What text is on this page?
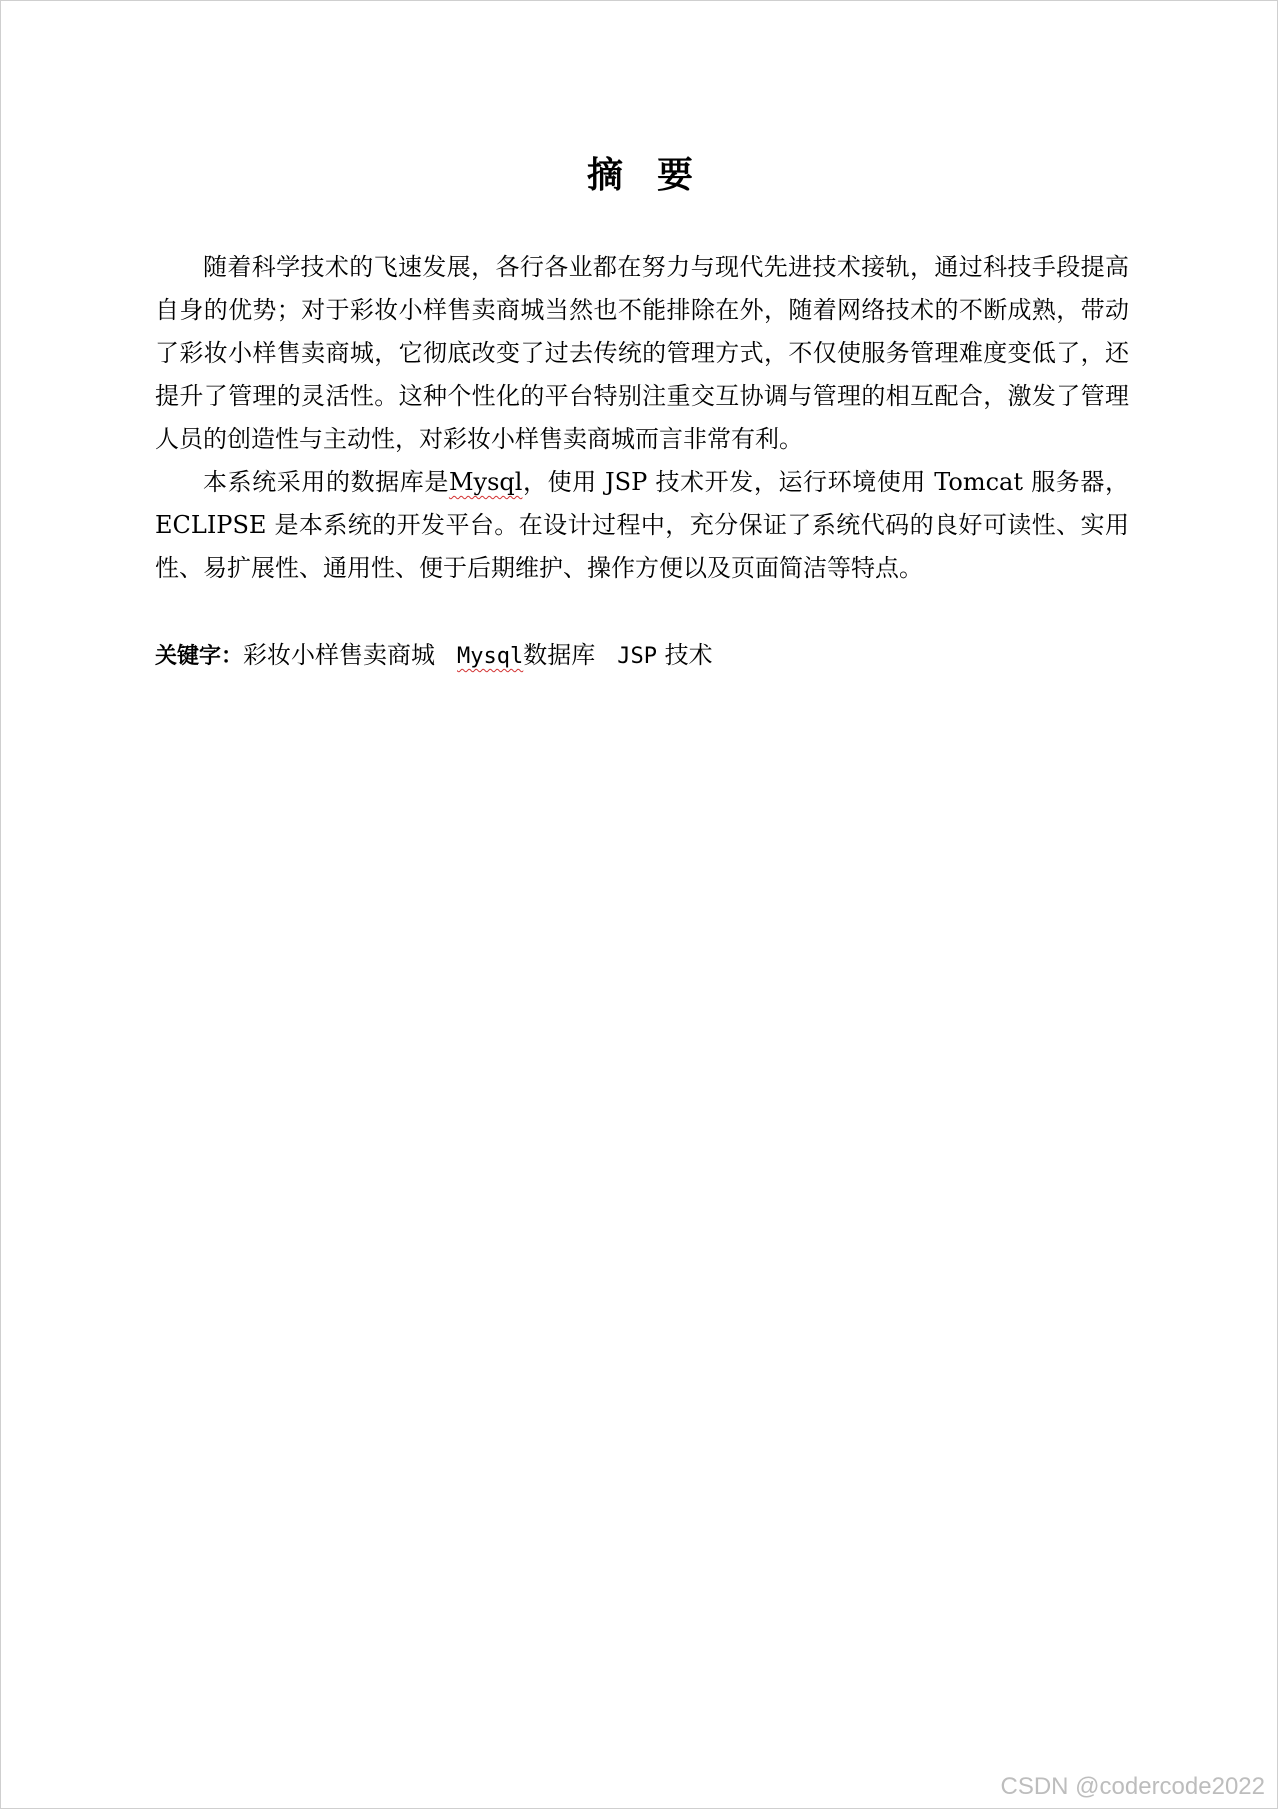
摘要

随着科学技术的飞速发展，各行各业都在努力与现代先进技术接轨，通过科技手段提高自身的优势；对于彩妆小样售卖商城当然也不能排除在外，随着网络技术的不断成熟，带动了彩妆小样售卖商城，它彻底改变了过去传统的管理方式，不仅使服务管理难度变低了，还提升了管理的灵活性。这种个性化的平台特别注重交互协调与管理的相互配合，激发了管理人员的创造性与主动性，对彩妆小样售卖商城而言非常有利。

本系统采用的数据库是Mysql，使用 JSP 技术开发，运行环境使用 Tomcat 服务器，ECLIPSE 是本系统的开发平台。在设计过程中，充分保证了系统代码的良好可读性、实用性、易扩展性、通用性、便于后期维护、操作方便以及页面简洁等特点。

关键字：彩妆小样售卖商城 Mysql数据库 JSP 技术
CSDN @codercode2022
